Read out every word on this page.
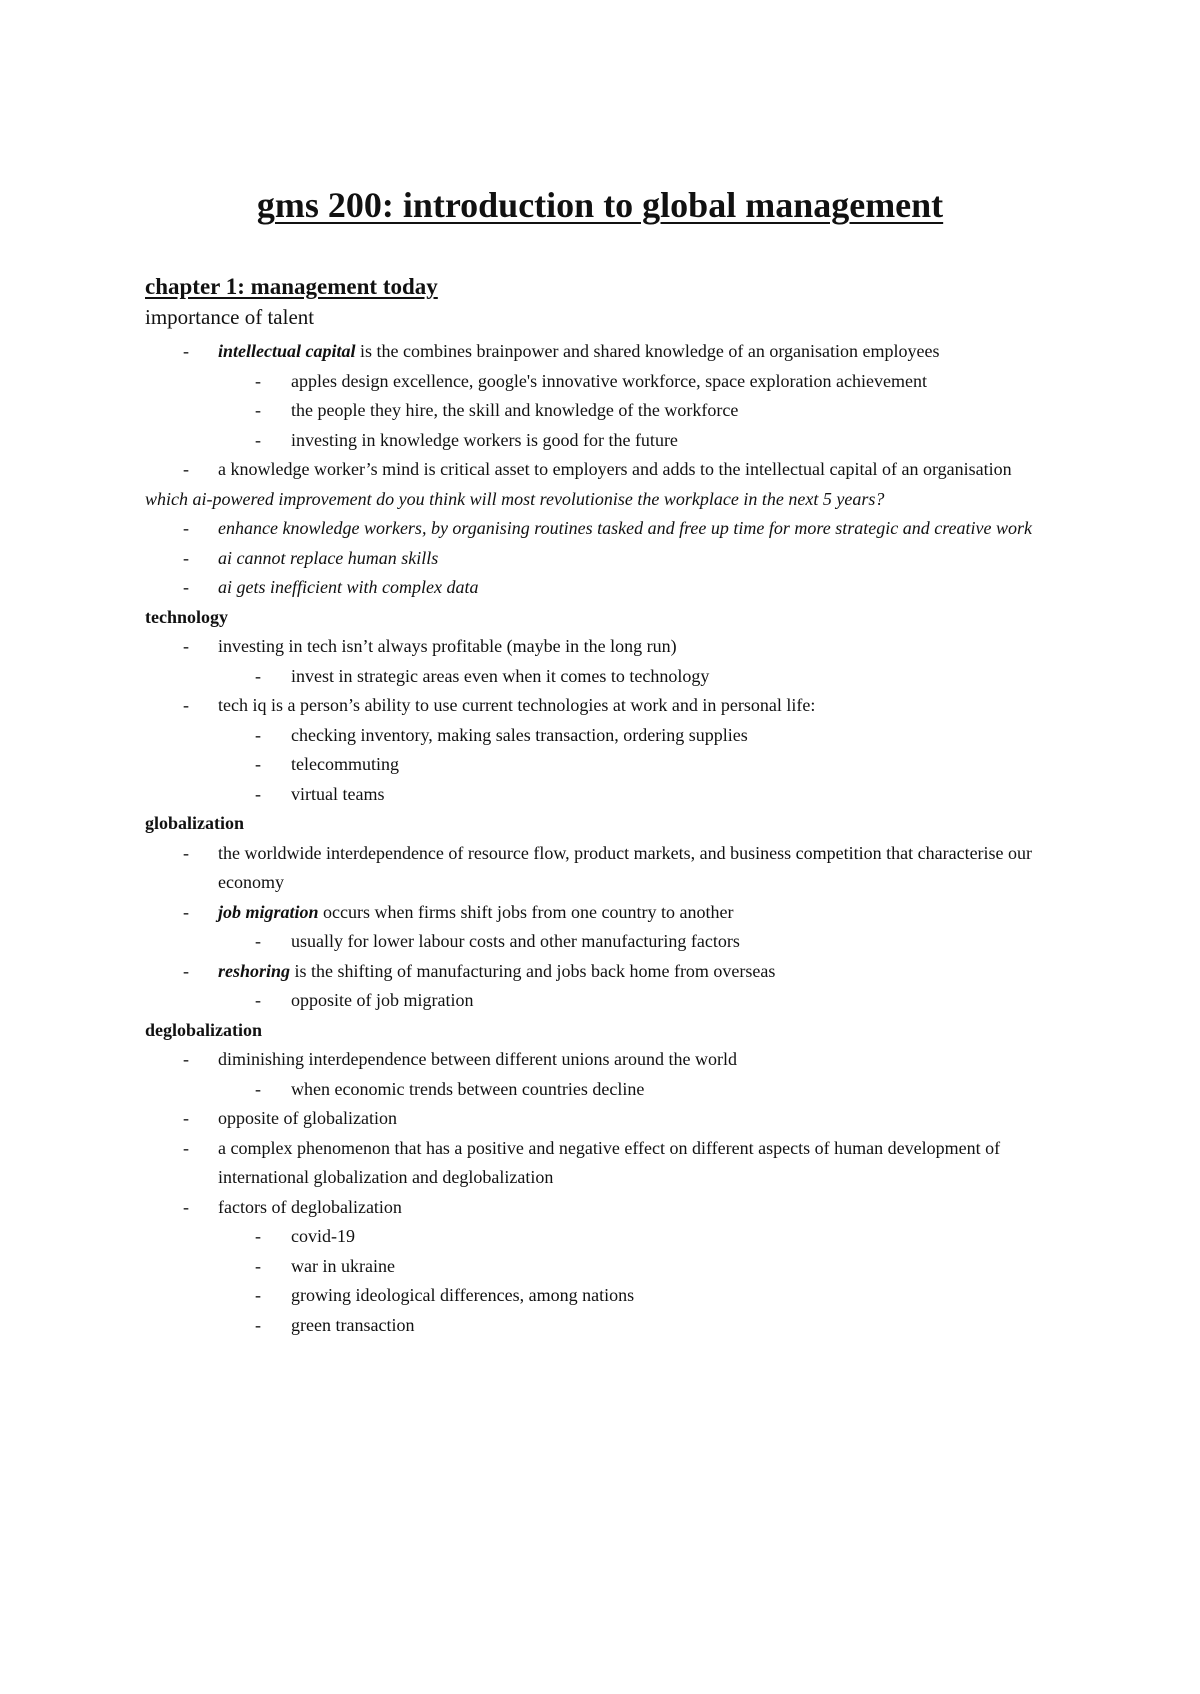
gms 200: introduction to global management

chapter 1: management today

importance of talent

- intellectual capital is the combines brainpower and shared knowledge of an organisation employees
- apples design excellence, google's innovative workforce, space exploration achievement
- the people they hire, the skill and knowledge of the workforce
- investing in knowledge workers is good for the future
- a knowledge worker’s mind is critical asset to employers and adds to the intellectual capital of an organisation

which ai-powered improvement do you think will most revolutionise the workplace in the next 5 years?

- enhance knowledge workers, by organising routines tasked and free up time for more strategic and creative work
- ai cannot replace human skills
- ai gets inefficient with complex data

technology

- investing in tech isn’t always profitable (maybe in the long run)
- invest in strategic areas even when it comes to technology
- tech iq is a person’s ability to use current technologies at work and in personal life:
- checking inventory, making sales transaction, ordering supplies
- telecommuting
- virtual teams

globalization

- the worldwide interdependence of resource flow, product markets, and business competition that characterise our economy
- job migration occurs when firms shift jobs from one country to another
- usually for lower labour costs and other manufacturing factors
- reshoring is the shifting of manufacturing and jobs back home from overseas
- opposite of job migration

deglobalization

- diminishing interdependence between different unions around the world
- when economic trends between countries decline
- opposite of globalization
- a complex phenomenon that has a positive and negative effect on different aspects of human development of international globalization and deglobalization
- factors of deglobalization
- covid-19
- war in ukraine
- growing ideological differences, among nations
- green transaction
